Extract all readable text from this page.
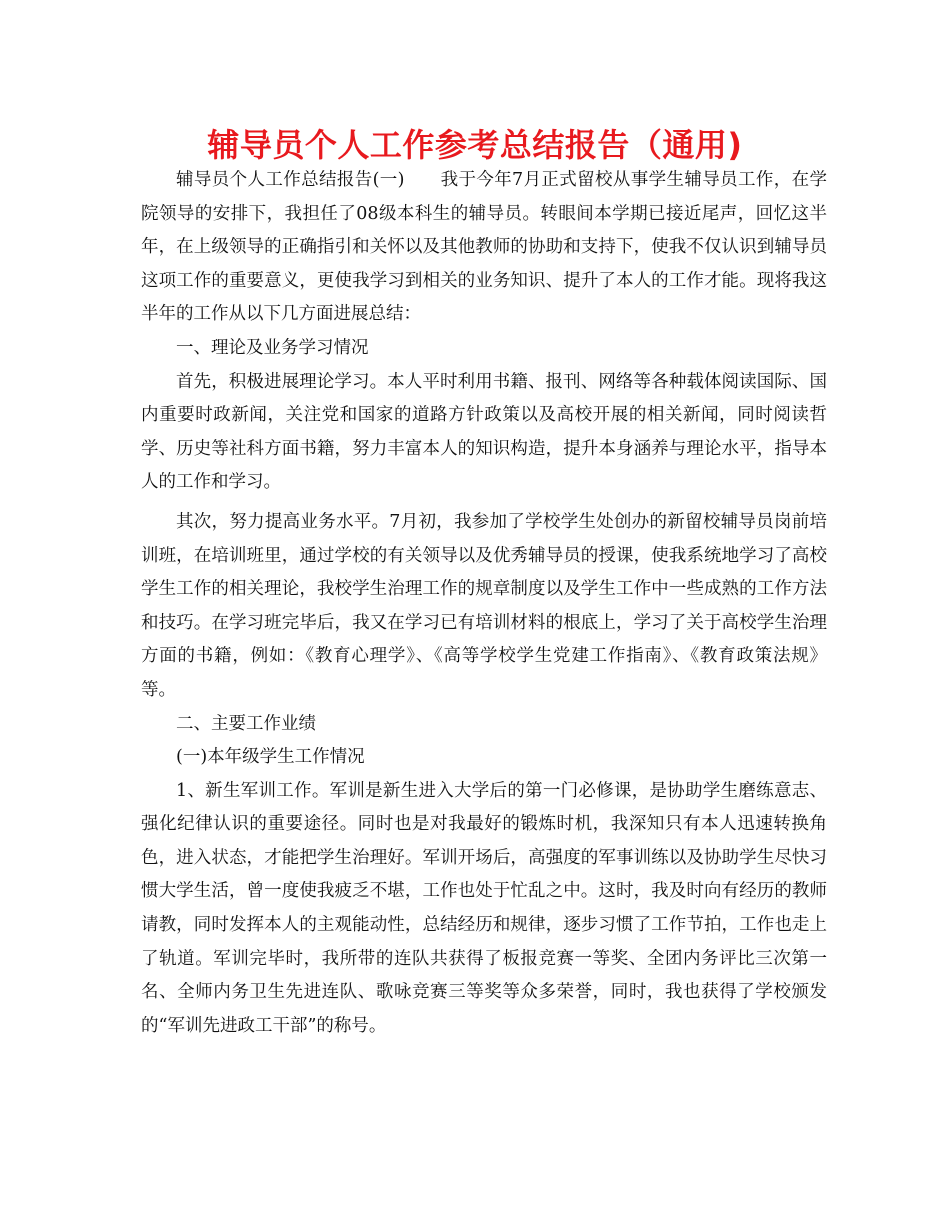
辅导员个人工作参考总结报告（通用)

辅导员个人工作总结报告(一)　　我于今年7月正式留校从事学生辅导员工作，在学院领导的安排下，我担任了08级本科生的辅导员。转眼间本学期已接近尾声，回忆这半年，在上级领导的正确指引和关怀以及其他教师的协助和支持下，使我不仅认识到辅导员这项工作的重要意义，更使我学习到相关的业务知识、提升了本人的工作才能。现将我这半年的工作从以下几方面进展总结：

一、理论及业务学习情况

首先，积极进展理论学习。本人平时利用书籍、报刊、网络等各种载体阅读国际、国内重要时政新闻，关注党和国家的道路方针政策以及高校开展的相关新闻，同时阅读哲学、历史等社科方面书籍，努力丰富本人的知识构造，提升本身涵养与理论水平，指导本人的工作和学习。

其次，努力提高业务水平。7月初，我参加了学校学生处创办的新留校辅导员岗前培训班，在培训班里，通过学校的有关领导以及优秀辅导员的授课，使我系统地学习了高校学生工作的相关理论，我校学生治理工作的规章制度以及学生工作中一些成熟的工作方法和技巧。在学习班完毕后，我又在学习已有培训材料的根底上，学习了关于高校学生治理方面的书籍，例如：《教育心理学》、《高等学校学生党建工作指南》、《教育政策法规》等。

二、主要工作业绩

(一)本年级学生工作情况

1、新生军训工作。军训是新生进入大学后的第一门必修课，是协助学生磨练意志、强化纪律认识的重要途径。同时也是对我最好的锻炼时机，我深知只有本人迅速转换角色，进入状态，才能把学生治理好。军训开场后，高强度的军事训练以及协助学生尽快习惯大学生活，曾一度使我疲乏不堪，工作也处于忙乱之中。这时，我及时向有经历的教师请教，同时发挥本人的主观能动性，总结经历和规律，逐步习惯了工作节拍，工作也走上了轨道。军训完毕时，我所带的连队共获得了板报竞赛一等奖、全团内务评比三次第一名、全师内务卫生先进连队、歌咏竞赛三等奖等众多荣誉，同时，我也获得了学校颁发的“军训先进政工干部”的称号。
